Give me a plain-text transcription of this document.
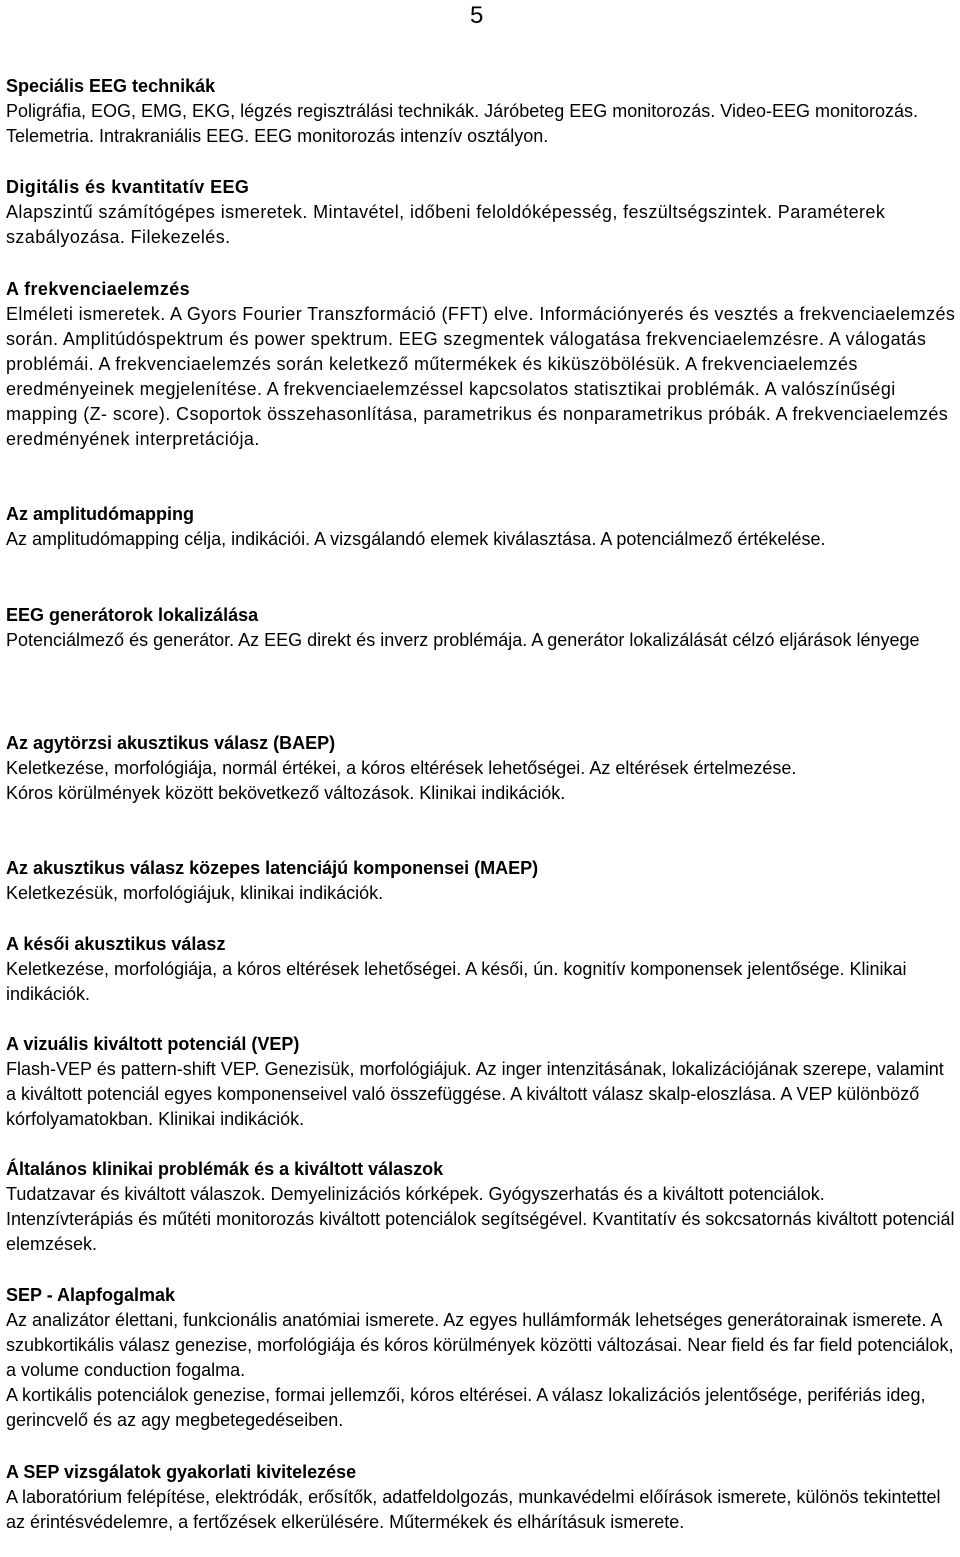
5

Speciális EEG technikák

Poligráfia, EOG, EMG, EKG, légzés regisztrálási technikák. Járóbeteg EEG monitorozás. Video-EEG monitorozás. Telemetria. Intrakraniális EEG. EEG monitorozás intenzív osztályon.

Digitális és kvantitatív EEG

Alapszintű számítógépes ismeretek. Mintavétel, időbeni feloldóképesség, feszültségszintek. Paraméterek szabályozása. Filekezelés.

A frekvenciaelemzés

Elméleti ismeretek. A Gyors Fourier Transzformáció (FFT) elve. Információnyerés és vesztés a frekvenciaelemzés során. Amplitúdóspektrum és power spektrum. EEG szegmentek válogatása frekvenciaelemzésre. A válogatás problémái. A frekvenciaelemzés során keletkező műtermékek és kiküszöbölésük. A frekvenciaelemzés eredményeinek megjelenítése. A frekvenciaelemzéssel kapcsolatos statisztikai problémák. A valószínűségi mapping (Z- score). Csoportok összehasonlítása, parametrikus és nonparametrikus próbák. A frekvenciaelemzés eredményének interpretációja.

Az amplitudómapping

Az amplitudómapping célja, indikációi. A vizsgálandó elemek kiválasztása. A potenciálmező értékelése.

EEG generátorok lokalizálása

Potenciálmező és generátor. Az EEG direkt és inverz problémája. A generátor lokalizálását célzó eljárások lényege

Az agytörzsi akusztikus válasz (BAEP)

Keletkezése, morfológiája, normál értékei, a kóros eltérések lehetőségei. Az eltérések értelmezése.

Kóros körülmények között bekövetkező változások. Klinikai indikációk.

Az akusztikus válasz közepes latenciájú komponensei (MAEP)

Keletkezésük, morfológiájuk, klinikai indikációk.

A késői akusztikus válasz

Keletkezése, morfológiája, a kóros eltérések lehetőségei. A késői, ún. kognitív komponensek jelentősége. Klinikai indikációk.

A vizuális kiváltott potenciál (VEP)

Flash-VEP és pattern-shift VEP. Genezisük, morfológiájuk. Az inger intenzitásának, lokalizációjának szerepe, valamint a kiváltott potenciál egyes komponenseivel való összefüggése. A kiváltott válasz skalp-eloszlása. A VEP különböző kórfolyamatokban. Klinikai indikációk.

Általános klinikai problémák és a kiváltott válaszok

Tudatzavar és kiváltott válaszok. Demyelinizációs kórképek. Gyógyszerhatás és a kiváltott potenciálok. Intenzívterápiás és műtéti monitorozás kiváltott potenciálok segítségével. Kvantitatív és sokcsatornás kiváltott potenciál elemzések.

SEP - Alapfogalmak

Az analizátor élettani, funkcionális anatómiai ismerete. Az egyes hullámformák lehetséges generátorainak ismerete. A szubkortikális válasz genezise, morfológiája és kóros körülmények közötti változásai. Near field és far field potenciálok, a volume conduction fogalma.

A kortikális potenciálok genezise, formai jellemzői, kóros eltérései. A válasz lokalizációs jelentősége, perifériás ideg, gerincvelő és az agy megbetegedéseiben.

A SEP vizsgálatok gyakorlati kivitelezése

A laboratórium felépítése, elektródák, erősítők, adatfeldolgozás, munkavédelmi előírások ismerete, különös tekintettel az érintésvédelemre, a fertőzések elkerülésére. Műtermékek és elhárításuk ismerete.
